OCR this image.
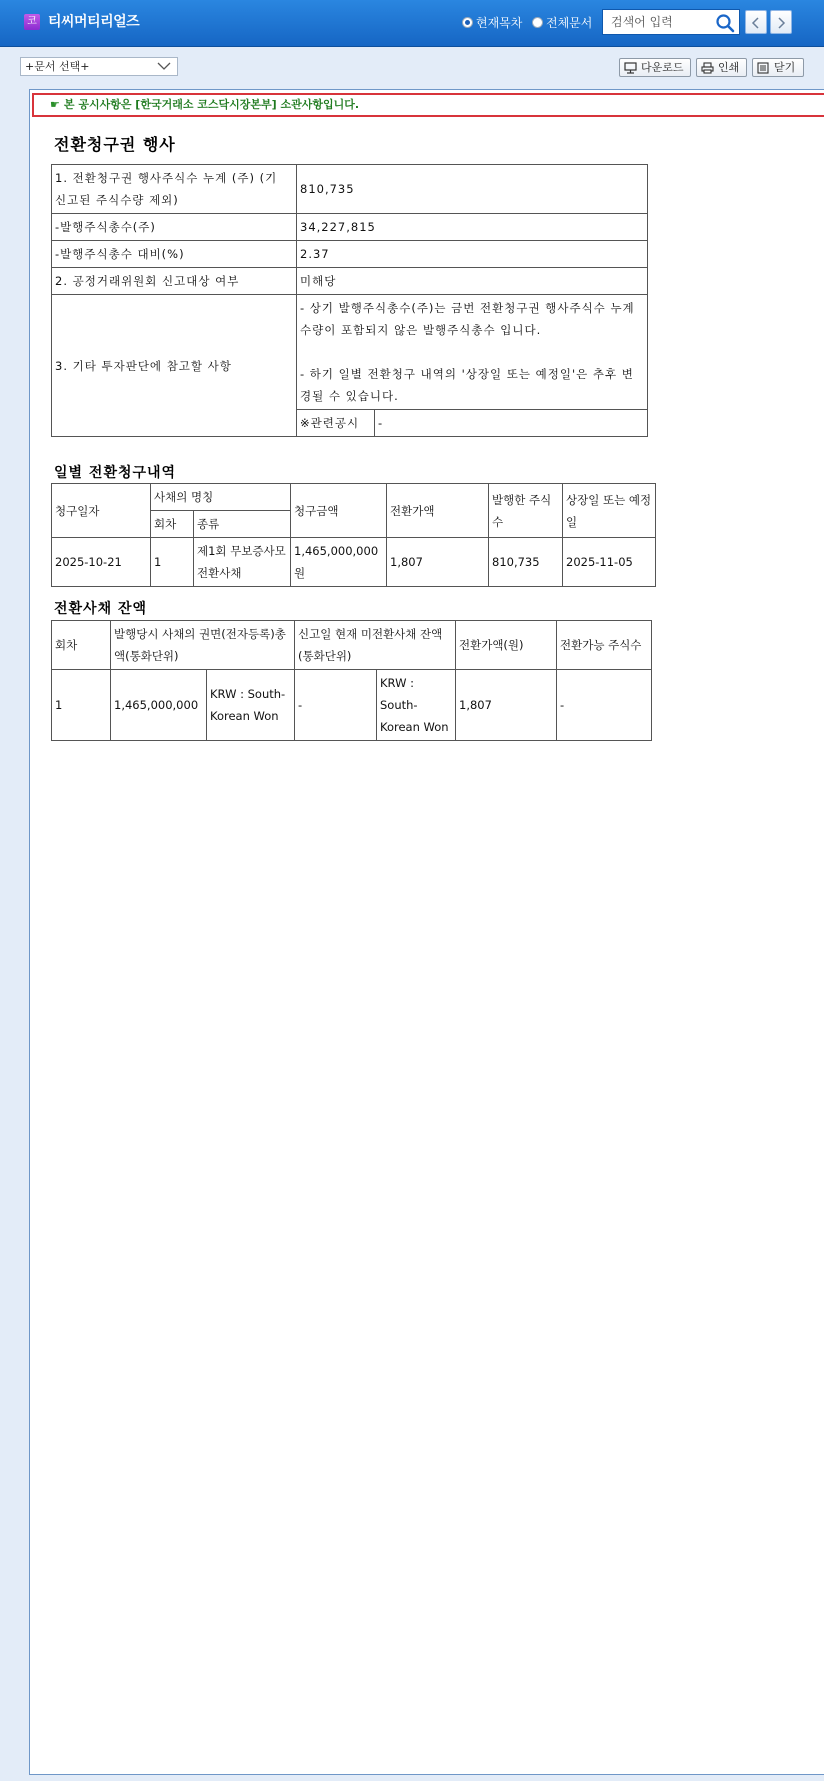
코 티씨머티리얼즈	현재목차 전체문서
검색어 입력
+문서 선택+	다운로드	인쇄	닫기
☛ 본 공시사항은 [한국거래소 코스닥시장본부] 소관사항입니다.
전환청구권 행사
1. 전환청구권 행사주식수 누계 (주) (기 신고된 주식수량 제외)	810,735	
-발행주식총수(주)	34,227,815	
-발행주식총수 대비(%)	2.37	
2. 공정거래위원회 신고대상 여부	미해당	
3. 기타 투자판단에 참고할 사항	- 상기 발행주식총수(주)는 금번 전환청구권 행사주식수 누계 수량이 포함되지 않은 발행주식총수 입니다.
- 하기 일별 전환청구 내역의 '상장일 또는 예정일'은 추후 변경될 수 있습니다.	

	※관련공시	-
일별 전환청구내역
청구일자	사채의 명칭		청구금액	전환가액	발행한 주식수	상장일 또는 예정일
	회차	종류				
2025-10-21	1	제1회 무보증사모 전환사채	1,465,000,000원	1,807	810,735	2025-11-05
전환사채 잔액
회차	발행당시 사채의 권면(전자등록)총액(통화단위)		신고일 현재 미전환사채 잔액 (통화단위)		전환가액(원)	전환가능 주식수
1	1,465,000,000	KRW : South-Korean Won	-	KRW : South-Korean Won	1,807	-
